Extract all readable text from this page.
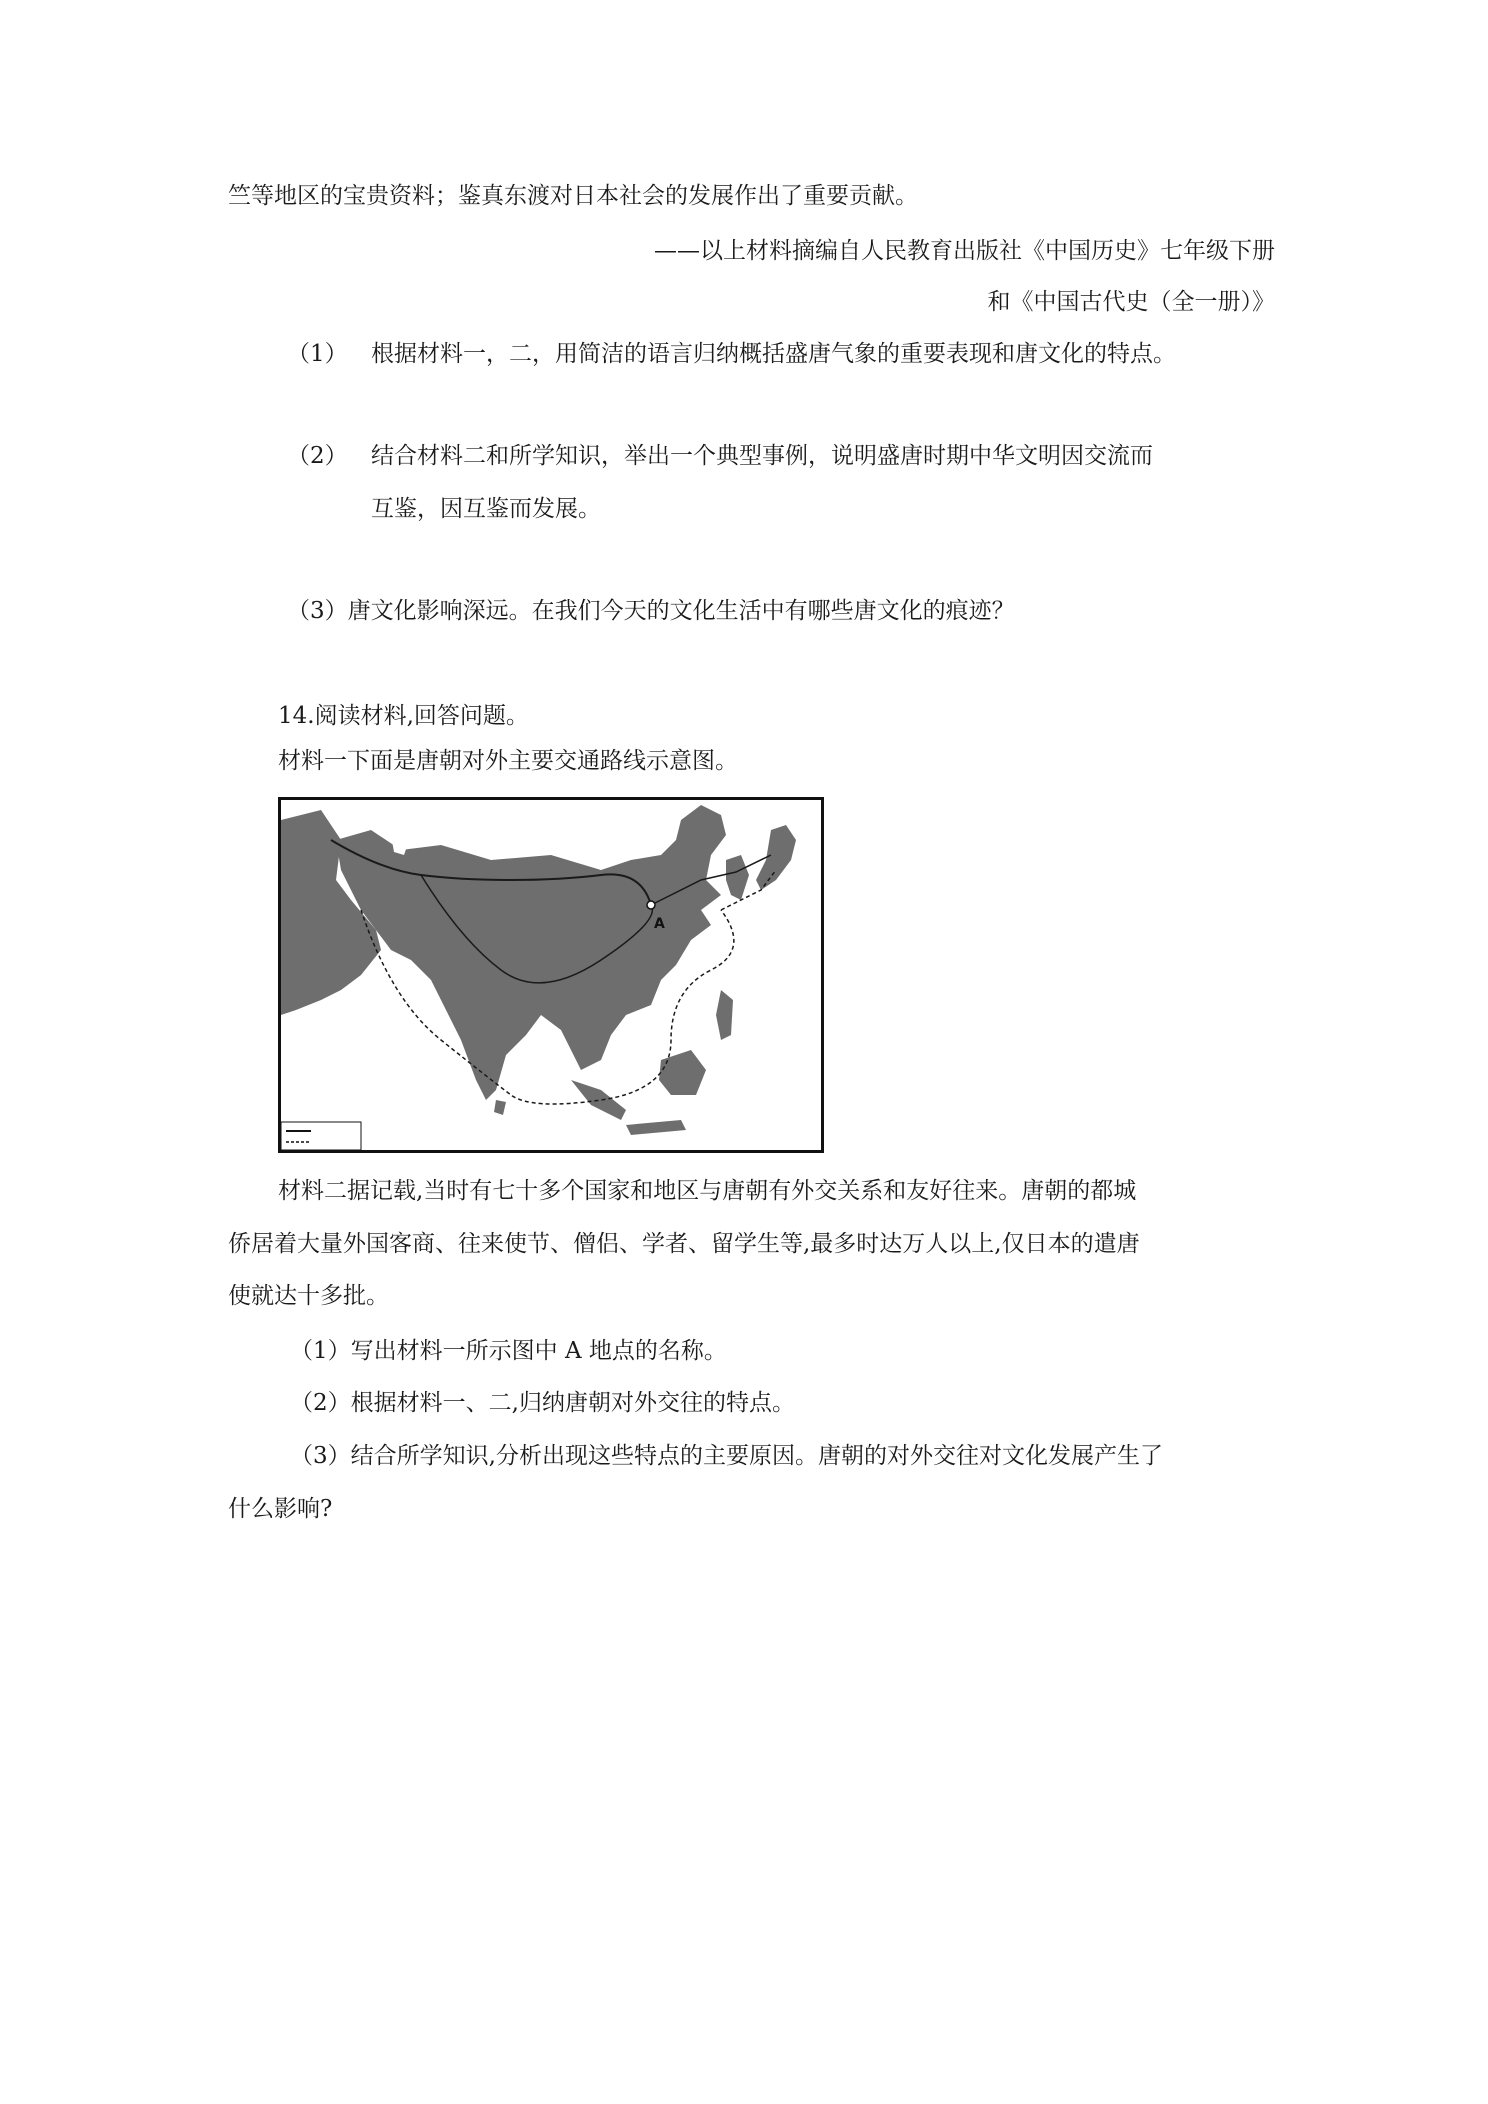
竺等地区的宝贵资料；鉴真东渡对日本社会的发展作出了重要贡献。
——以上材料摘编自人民教育出版社《中国历史》七年级下册
和《中国古代史（全一册）》
（1） 根据材料一，二，用简洁的语言归纳概括盛唐气象的重要表现和唐文化的特点。
（2） 结合材料二和所学知识，举出一个典型事例，说明盛唐时期中华文明因交流而
互鉴，因互鉴而发展。
（3）唐文化影响深远。在我们今天的文化生活中有哪些唐文化的痕迹？
14.阅读材料,回答问题。
材料一下面是唐朝对外主要交通路线示意图。
A
材料二据记载,当时有七十多个国家和地区与唐朝有外交关系和友好往来。唐朝的都城
侨居着大量外国客商、往来使节、僧侣、学者、留学生等,最多时达万人以上,仅日本的遣唐
使就达十多批。
（1）写出材料一所示图中 A 地点的名称。
（2）根据材料一、二,归纳唐朝对外交往的特点。
（3）结合所学知识,分析出现这些特点的主要原因。唐朝的对外交往对文化发展产生了
什么影响?
